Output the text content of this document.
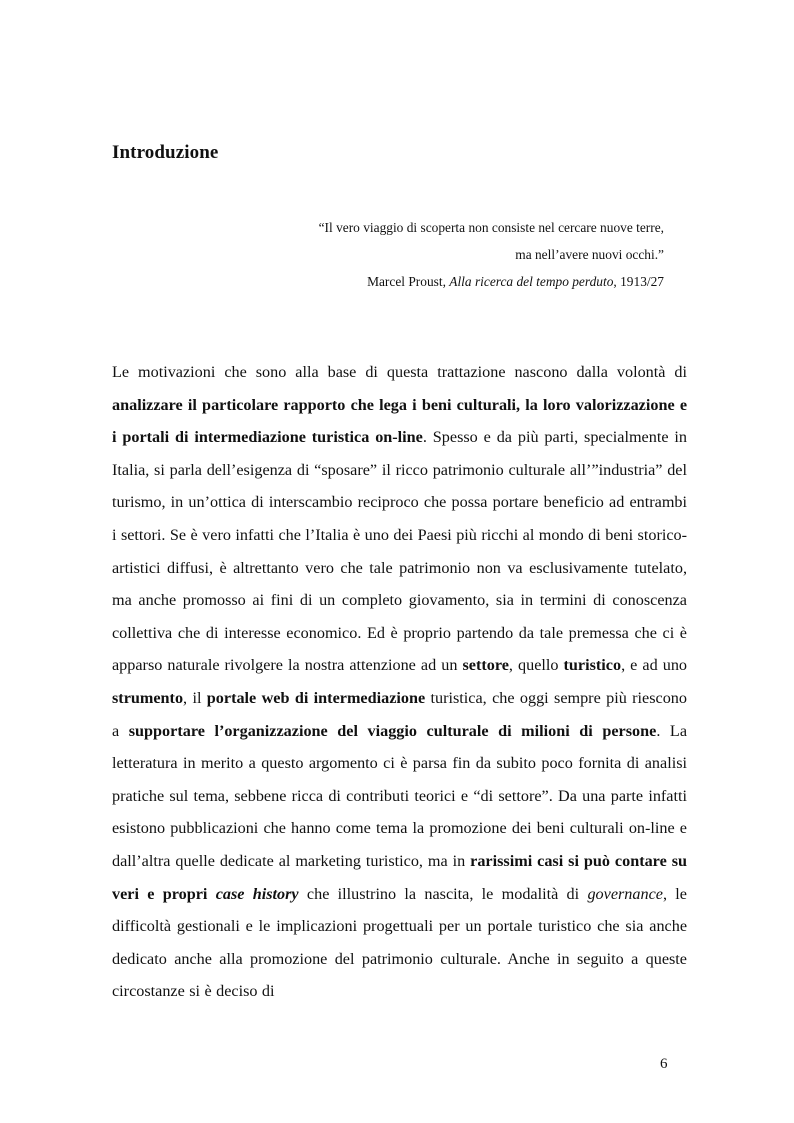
Introduzione
“Il vero viaggio di scoperta non consiste nel cercare nuove terre,
ma nell’avere nuovi occhi.”
Marcel Proust, Alla ricerca del tempo perduto, 1913/27

Le motivazioni che sono alla base di questa trattazione nascono dalla volontà di analizzare il particolare rapporto che lega i beni culturali, la loro valorizzazione e i portali di intermediazione turistica on-line. Spesso e da più parti, specialmente in Italia, si parla dell’esigenza di “sposare” il ricco patrimonio culturale all’”industria” del turismo, in un’ottica di interscambio reciproco che possa portare beneficio ad entrambi i settori. Se è vero infatti che l’Italia è uno dei Paesi più ricchi al mondo di beni storico-artistici diffusi, è altrettanto vero che tale patrimonio non va esclusivamente tutelato, ma anche promosso ai fini di un completo giovamento, sia in termini di conoscenza collettiva che di interesse economico. Ed è proprio partendo da tale premessa che ci è apparso naturale rivolgere la nostra attenzione ad un settore, quello turistico, e ad uno strumento, il portale web di intermediazione turistica, che oggi sempre più riescono a supportare l’organizzazione del viaggio culturale di milioni di persone. La letteratura in merito a questo argomento ci è parsa fin da subito poco fornita di analisi pratiche sul tema, sebbene ricca di contributi teorici e “di settore”. Da una parte infatti esistono pubblicazioni che hanno come tema la promozione dei beni culturali on-line e dall’altra quelle dedicate al marketing turistico, ma in rarissimi casi si può contare su veri e propri case history che illustrino la nascita, le modalità di governance, le difficoltà gestionali e le implicazioni progettuali per un portale turistico che sia anche dedicato anche alla promozione del patrimonio culturale. Anche in seguito a queste circostanze si è deciso di

6
